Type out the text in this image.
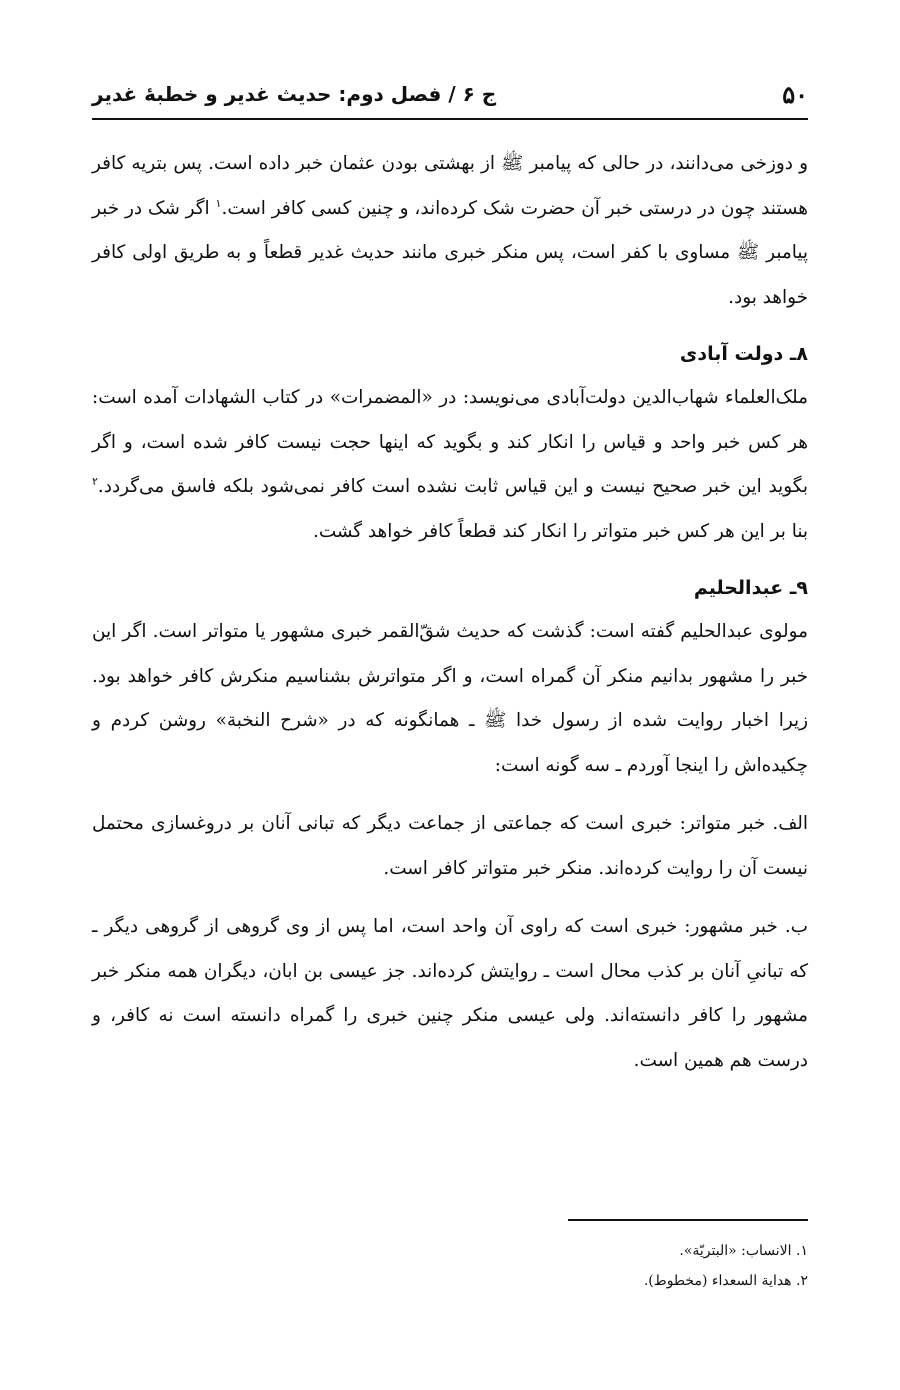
۵۰
ج ۶ / فصل دوم: حدیث غدیر و خطبهٔ غدیر

و دوزخی می‌دانند، در حالی که پیامبر ﷺ از بهشتی بودن عثمان خبر داده است. پس بتریه کافر هستند چون در درستی خبر آن حضرت شک کرده‌اند، و چنین کسی کافر است.$^۱$ اگر شک در خبر پیامبر ﷺ مساوی با کفر است، پس منکر خبری مانند حدیث غدیر قطعاً و به طریق اولی کافر خواهد بود.

۸ـ دولت آبادی

ملک‌العلماء شهاب‌الدین دولت‌آبادی می‌نویسد: در «المضمرات» در کتاب الشهادات آمده است: هر کس خبر واحد و قیاس را انکار کند و بگوید که اینها حجت نیست کافر شده است، و اگر بگوید این خبر صحیح نیست و این قیاس ثابت نشده است کافر نمی‌شود بلکه فاسق می‌گردد.$^۲$ بنا بر این هر کس خبر متواتر را انکار کند قطعاً کافر خواهد گشت.

۹ـ عبدالحلیم

مولوی عبدالحلیم گفته است: گذشت که حدیث شقّ‌القمر خبری مشهور یا متواتر است. اگر این خبر را مشهور بدانیم منکر آن گمراه است، و اگر متواترش بشناسیم منکرش کافر خواهد بود. زیرا اخبار روایت شده از رسول خدا ﷺ ـ همانگونه که در «شرح النخبة» روشن کردم و چکیده‌اش را اینجا آوردم ـ سه گونه است:

الف. خبر متواتر: خبری است که جماعتی از جماعت دیگر که تبانی آنان بر دروغسازی محتمل نیست آن را روایت کرده‌اند. منکر خبر متواتر کافر است.

ب. خبر مشهور: خبری است که راوی آن واحد است، اما پس از وی گروهی از گروهی دیگر ـ که تبانیِ آنان بر کذب محال است ـ روایتش کرده‌اند. جز عیسی بن ابان، دیگران همه منکر خبر مشهور را کافر دانسته‌اند. ولی عیسی منکر چنین خبری را گمراه دانسته است نه کافر، و درست هم همین است.

۱. الانساب: «البتريّة».

۲. هداية السعداء (مخطوط).
